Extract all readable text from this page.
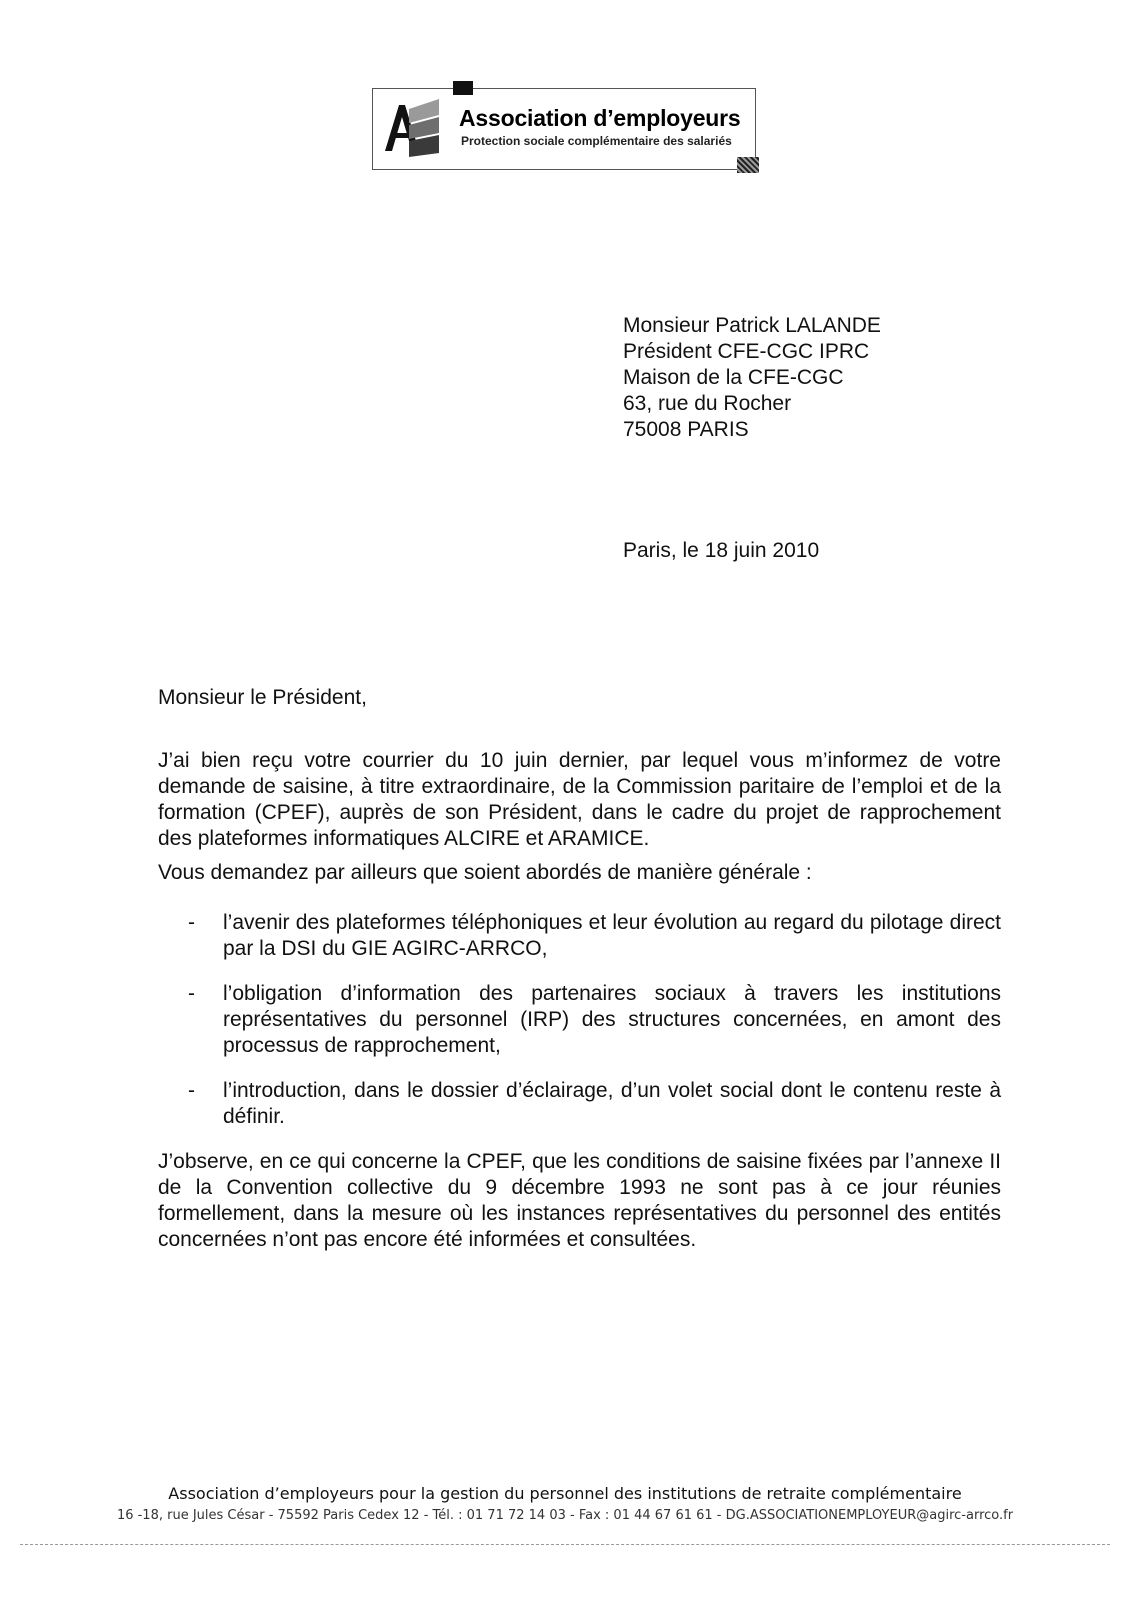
Association d’employeurs
Protection sociale complémentaire des salariés
Monsieur Patrick LALANDE
Président CFE-CGC IPRC
Maison de la CFE-CGC
63, rue du Rocher
75008 PARIS
Paris, le 18 juin 2010
Monsieur le Président,
J’ai bien reçu votre courrier du 10 juin dernier, par lequel vous m’informez de votre demande de saisine, à titre extraordinaire, de la Commission paritaire de l’emploi et de la formation (CPEF), auprès de son Président, dans le cadre du projet de rapprochement des plateformes informatiques ALCIRE et ARAMICE.
Vous demandez par ailleurs que soient abordés de manière générale :
- l’avenir des plateformes téléphoniques et leur évolution au regard du pilotage direct par la DSI du GIE AGIRC-ARRCO,
- l’obligation d’information des partenaires sociaux à travers les institutions représentatives du personnel (IRP) des structures concernées, en amont des processus de rapprochement,
- l’introduction, dans le dossier d’éclairage, d’un volet social dont le contenu reste à définir.
J’observe, en ce qui concerne la CPEF, que les conditions de saisine fixées par l’annexe II de la Convention collective du 9 décembre 1993 ne sont pas à ce jour réunies formellement, dans la mesure où les instances représentatives du personnel des entités concernées n’ont pas encore été informées et consultées.
Association d’employeurs pour la gestion du personnel des institutions de retraite complémentaire
16 -18, rue Jules César - 75592 Paris Cedex 12 - Tél. : 01 71 72 14 03 - Fax : 01 44 67 61 61 - DG.ASSOCIATIONEMPLOYEUR@agirc-arrco.fr
